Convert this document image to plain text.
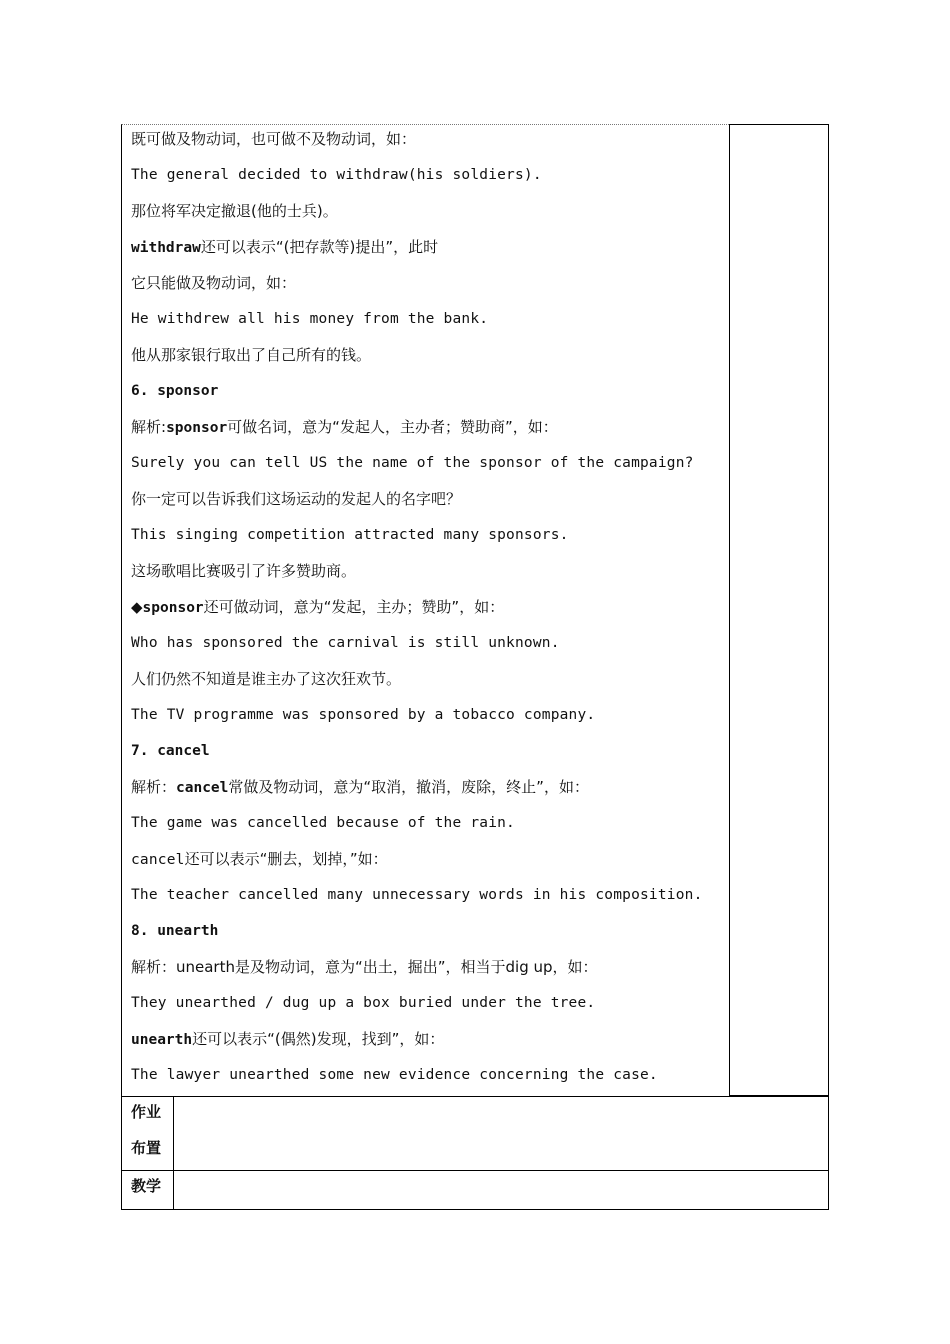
既可做及物动词，也可做不及物动词，如：
The general decided to withdraw(his soldiers).
那位将军决定撤退(他的士兵)。
withdraw还可以表示“(把存款等)提出”，此时
它只能做及物动词，如：
He withdrew all his money from the bank.
他从那家银行取出了自己所有的钱。
6. sponsor
解析:sponsor可做名词，意为“发起人，主办者；赞助商”，如：
Surely you can tell US the name of the sponsor of the campaign?
你一定可以告诉我们这场运动的发起人的名字吧？
This singing competition attracted many sponsors.
这场歌唱比赛吸引了许多赞助商。
◆sponsor还可做动词，意为“发起，主办；赞助”，如：
Who has sponsored the carnival is still unknown.
人们仍然不知道是谁主办了这次狂欢节。
The TV programme was sponsored by a tobacco company.
7. cancel
解析：cancel常做及物动词，意为“取消，撤消，废除，终止”，如：
The game was cancelled because of the rain.
cancel还可以表示“删去，划掉，”如：
The teacher cancelled many unnecessary words in his composition.
8. unearth
解析：unearth是及物动词，意为“出土，掘出”，相当于dig up，如：
They unearthed / dug up a box buried under the tree.
unearth还可以表示“(偶然)发现，找到”，如：
The lawyer unearthed some new evidence concerning the case.
作业
布置
教学
